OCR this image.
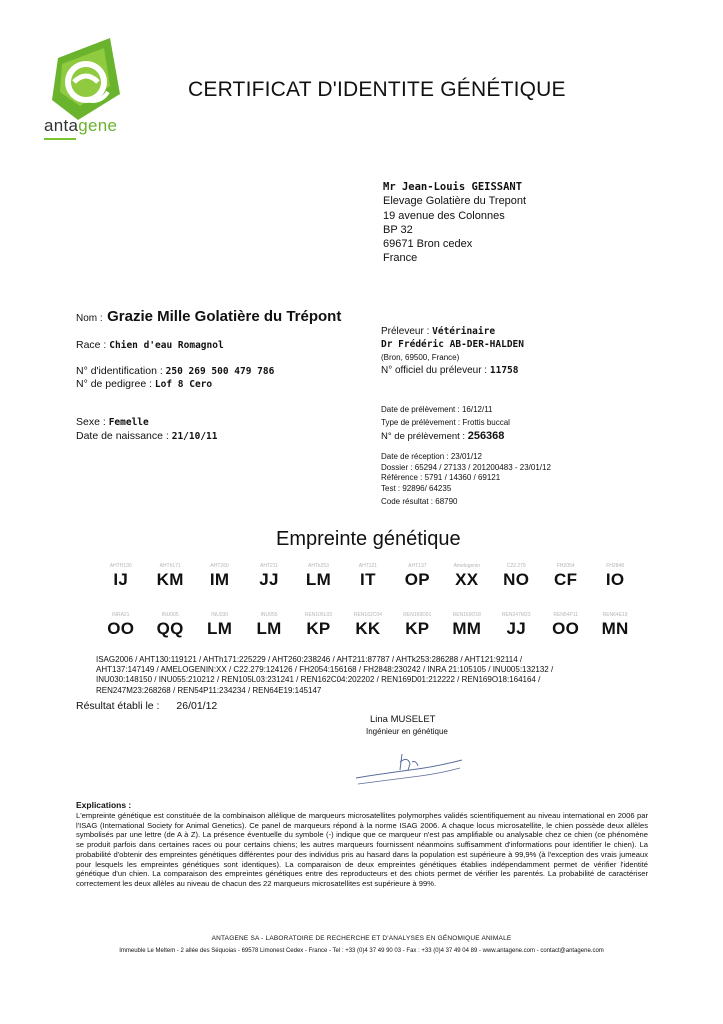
antagene
CERTIFICAT D'IDENTITE GÉNÉTIQUE
Mr Jean-Louis GEISSANT
Elevage Golatière du Trepont
19 avenue des Colonnes
BP 32
69671 Bron cedex
France
Nom : Grazie Mille Golatière du Trépont
Race : Chien d'eau Romagnol
N° d'identification : 250 269 500 479 786
N° de pedigree : Lof 8 Cero
Sexe : Femelle
Date de naissance : 21/10/11
Préleveur : Vétérinaire
Dr Frédéric AB-DER-HALDEN
(Bron, 69500, France)
N° officiel du préleveur : 11758
Date de prélèvement : 16/12/11
Type de prélèvement : Frottis buccal
N° de prélèvement : 256368
Date de réception : 23/01/12
Dossier : 65294 / 27133 / 201200483 - 23/01/12
Référence : 5791 / 14360 / 69121
Test : 92896/ 64235
Code résultat : 68790
Empreinte génétique
AHTH130
IJ
AHTh171
KM
AHT260
IM
AHT211
JJ
AHTk253
LM
AHT121
IT
AHT137
OP
Amelogenin
XX
C22.279
NO
FH2054
CF
FH2848
IO
INRA21
OO
INU005
QQ
INU030
LM
INU055
LM
REN105L03
KP
REN162C04
KK
REN169D01
KP
REN169O18
MM
REN247M23
JJ
REN54P11
OO
REN64E19
MN
ISAG2006 / AHT130:119121 / AHTh171:225229 / AHT260:238246 / AHT211:87787 / AHTk253:286288 / AHT121:92114 / AHT137:147149 / AMELOGENIN:XX / C22.279:124126 / FH2054:156168 / FH2848:230242 / INRA 21:105105 / INU005:132132 / INU030:148150 / INU055:210212 / REN105L03:231241 / REN162C04:202202 / REN169D01:212222 / REN169O18:164164 / REN247M23:268268 / REN54P11:234234 / REN64E19:145147
Résultat établi le : 26/01/12
Lina MUSELET
Ingénieur en génétique
Explications :
L'empreinte génétique est constituée de la combinaison allélique de marqueurs microsatellites polymorphes validés scientifiquement au niveau international en 2006 par l'ISAG (International Society for Animal Genetics). Ce panel de marqueurs répond à la norme ISAG 2006. A chaque locus microsatellite, le chien possède deux allèles symbolisés par une lettre (de A à Z). La présence éventuelle du symbole (-) indique que ce marqueur n'est pas amplifiable ou analysable chez ce chien (ce phénomène se produit parfois dans certaines races ou pour certains chiens; les autres marqueurs fournissent néanmoins suffisamment d'informations pour identifier le chien). La probabilité d'obtenir des empreintes génétiques différentes pour des individus pris au hasard dans la population est supérieure à 99,9% (à l'exception des vrais jumeaux pour lesquels les empreintes génétiques sont identiques). La comparaison de deux empreintes génétiques établies indépendamment permet de vérifier l'identité génétique d'un chien. La comparaison des empreintes génétiques entre des reproducteurs et des chiots permet de vérifier les parentés. La probabilité de caractériser correctement les deux allèles au niveau de chacun des 22 marqueurs microsatellites est supérieure à 99%.
ANTAGENE SA - LABORATOIRE DE RECHERCHE ET D'ANALYSES EN GÉNOMIQUE ANIMALE
Immeuble Le Meltem - 2 allée des Séquoias - 69578 Limonest Cedex - France - Tel : +33 (0)4 37 49 90 03 - Fax : +33 (0)4 37 49 04 89 - www.antagene.com - contact@antagene.com
